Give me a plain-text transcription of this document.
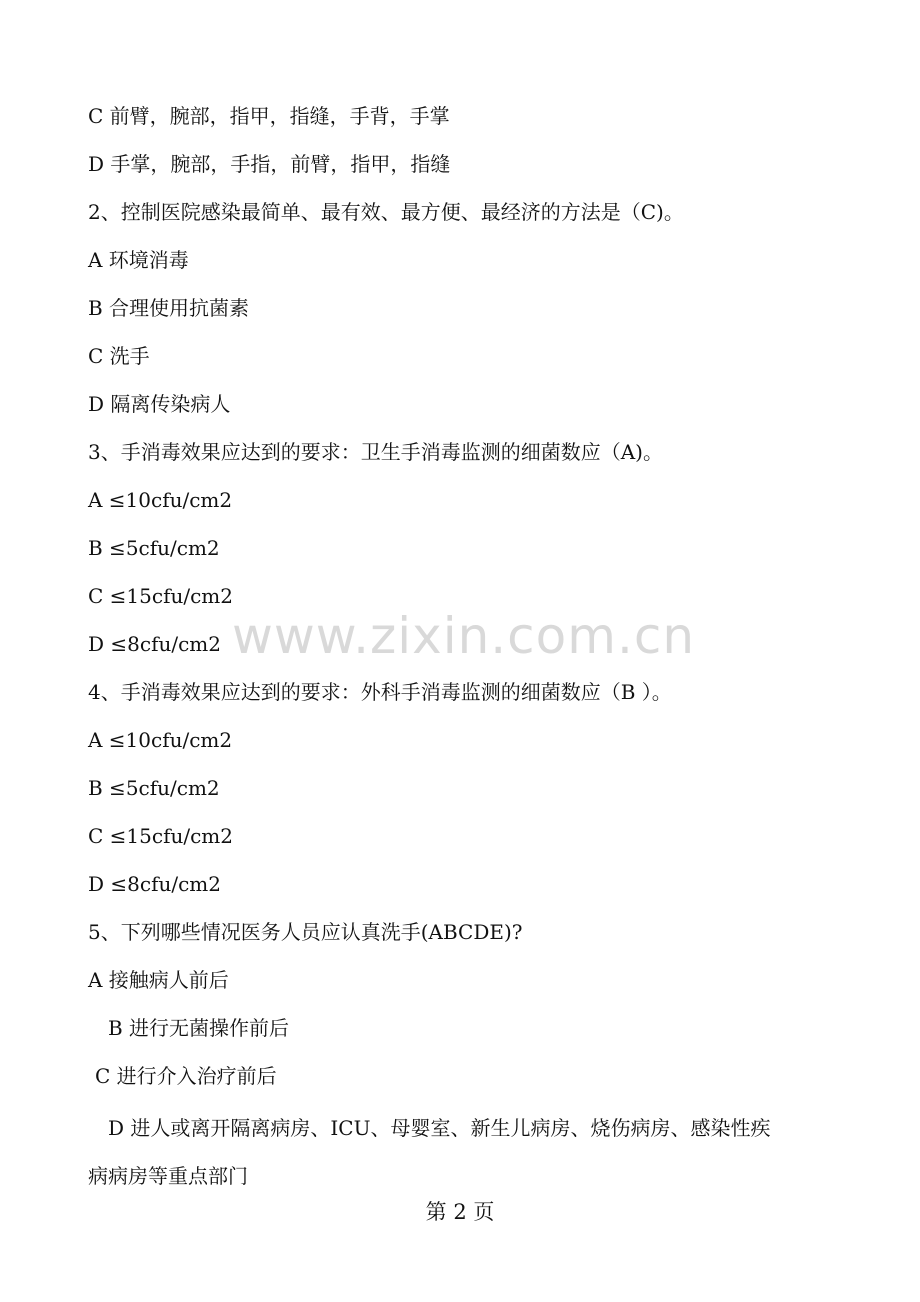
C 前臂，腕部，指甲，指缝，手背，手掌
D 手掌，腕部，手指，前臂，指甲，指缝
2、控制医院感染最简单、最有效、最方便、最经济的方法是（C)。
A 环境消毒
B 合理使用抗菌素
C 洗手
D 隔离传染病人
3、手消毒效果应达到的要求：卫生手消毒监测的细菌数应（A)。
A ≤10cfu/cm2
B ≤5cfu/cm2
C ≤15cfu/cm2
D ≤8cfu/cm2
4、手消毒效果应达到的要求：外科手消毒监测的细菌数应（B ）。
A ≤10cfu/cm2
B ≤5cfu/cm2
C ≤15cfu/cm2
D ≤8cfu/cm2
5、下列哪些情况医务人员应认真洗手(ABCDE)?
A 接触病人前后
B 进行无菌操作前后
C 进行介入治疗前后
D 进人或离开隔离病房、ICU、母婴室、新生儿病房、烧伤病房、感染性疾
病病房等重点部门
www.zixin.com.cn
第 2 页
